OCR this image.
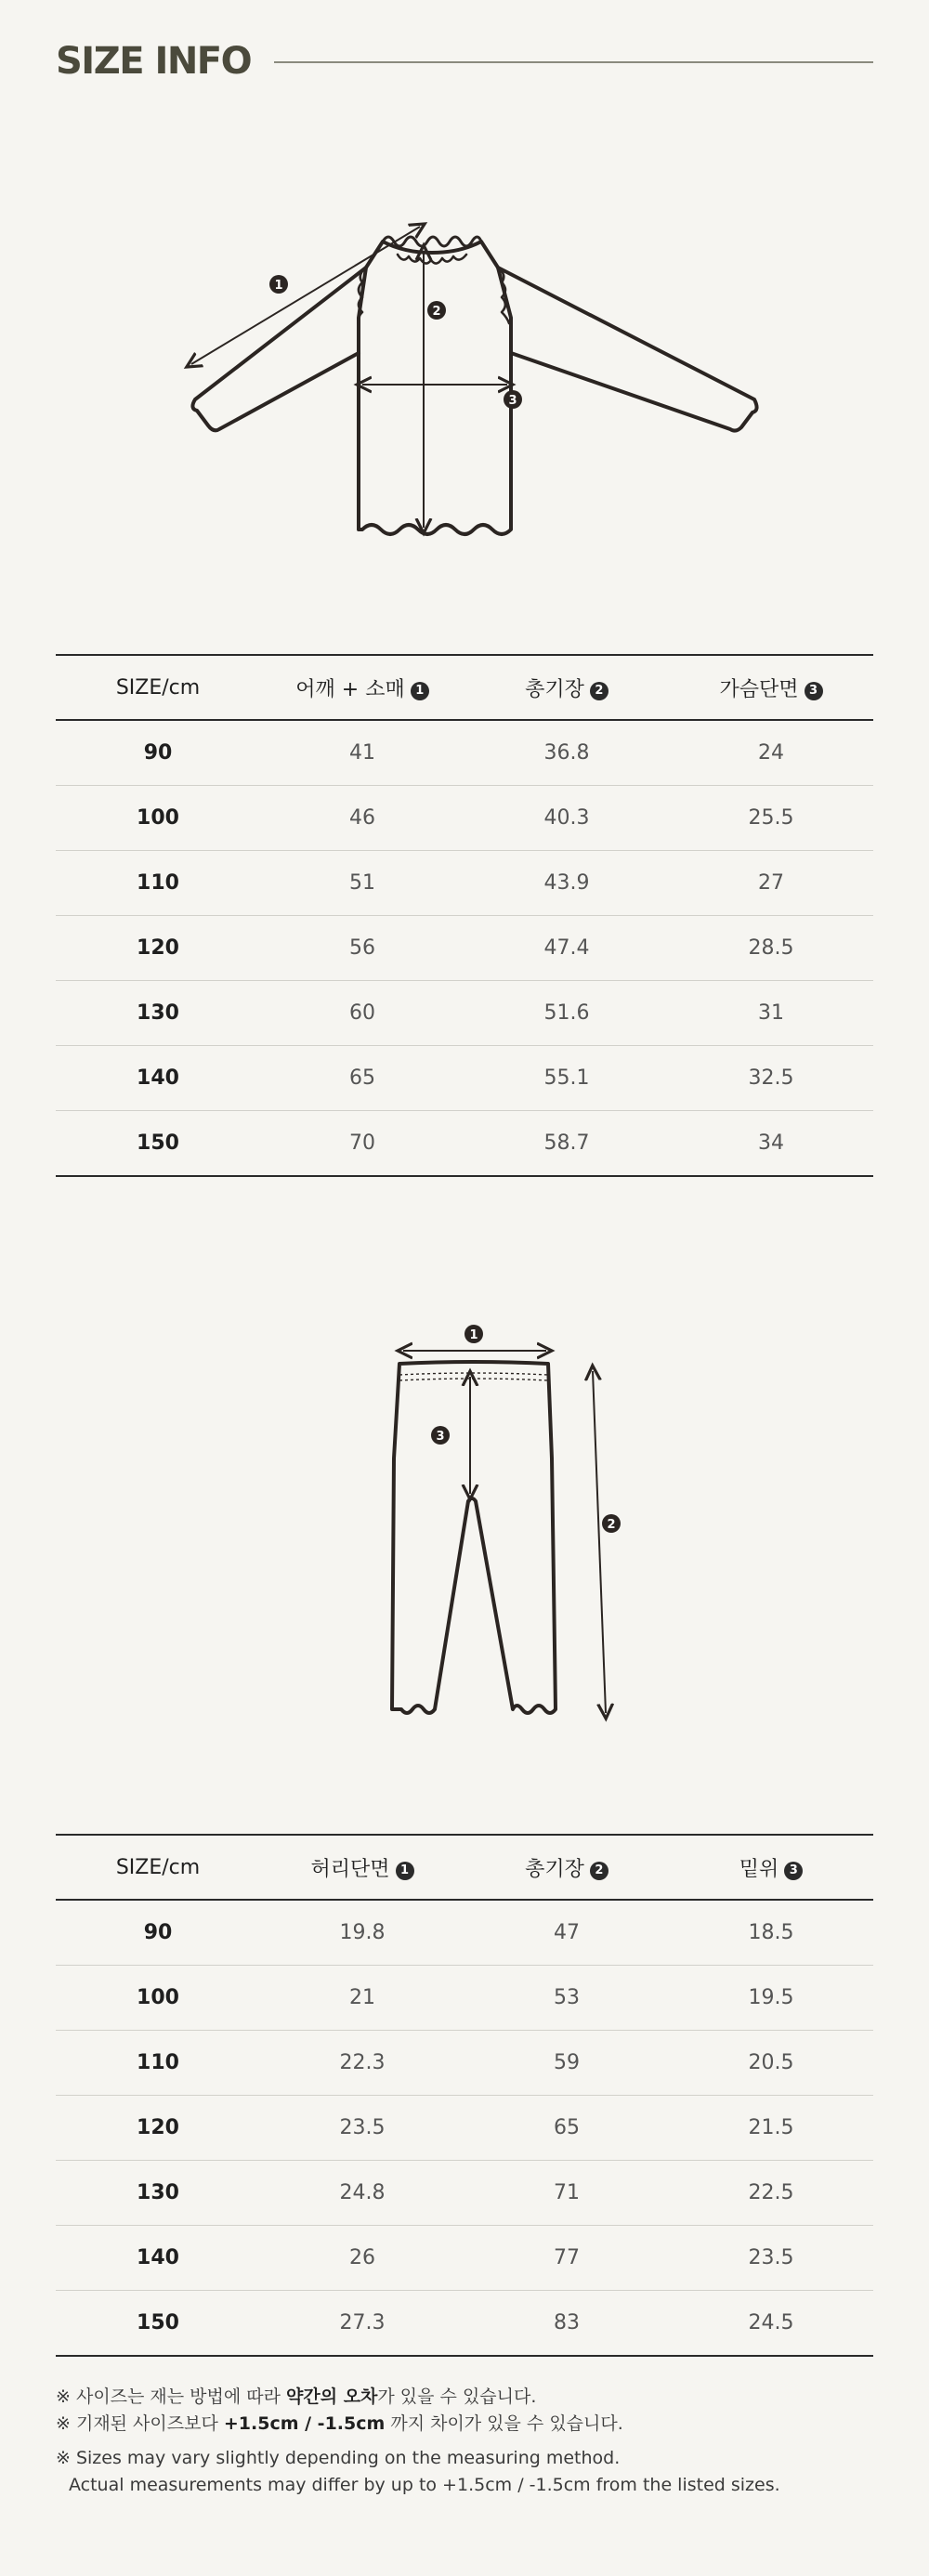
SIZE INFO
1
2
3
SIZE/cm	어깨 + 소매 1	총기장 2	가슴단면 3
90	41	36.8	24
100	46	40.3	25.5
110	51	43.9	27
120	56	47.4	28.5
130	60	51.6	31
140	65	55.1	32.5
150	70	58.7	34
1
2
3
SIZE/cm	허리단면 1	총기장 2	밑위 3
90	19.8	47	18.5
100	21	53	19.5
110	22.3	59	20.5
120	23.5	65	21.5
130	24.8	71	22.5
140	26	77	23.5
150	27.3	83	24.5

※ 사이즈는 재는 방법에 따라 약간의 오차가 있을 수 있습니다.

※ 기재된 사이즈보다 +1.5cm / -1.5cm 까지 차이가 있을 수 있습니다.

※ Sizes may vary slightly depending on the measuring method.

Actual measurements may differ by up to +1.5cm / -1.5cm from the listed sizes.
